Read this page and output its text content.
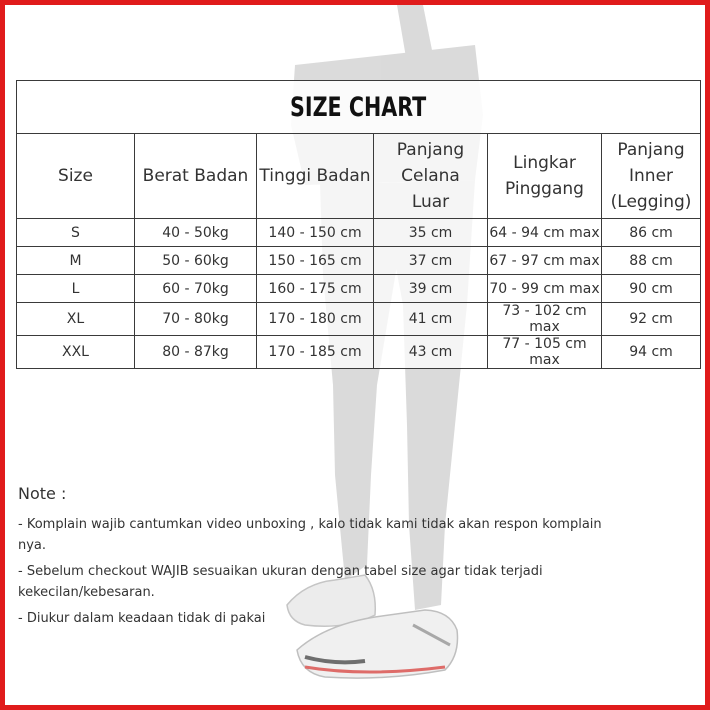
SIZE CHART					
Size	Berat Badan	Tinggi Badan	Panjang Celana Luar	Lingkar Pinggang	Panjang Inner (Legging)
S	40 - 50kg	140 - 150 cm	35 cm	64 - 94 cm max	86 cm
M	50 - 60kg	150 - 165 cm	37 cm	67 - 97 cm max	88 cm
L	60 - 70kg	160 - 175 cm	39 cm	70 - 99 cm max	90 cm
XL	70 - 80kg	170 - 180 cm	41 cm	73 - 102 cm max	92 cm
XXL	80 - 87kg	170 - 185 cm	43 cm	77 - 105 cm max	94 cm
Note :
- Komplain wajib cantumkan video unboxing , kalo tidak kami tidak akan respon komplain nya.
- Sebelum checkout WAJIB sesuaikan ukuran dengan tabel size agar tidak terjadi kekecilan/kebesaran.
- Diukur dalam keadaan tidak di pakai
